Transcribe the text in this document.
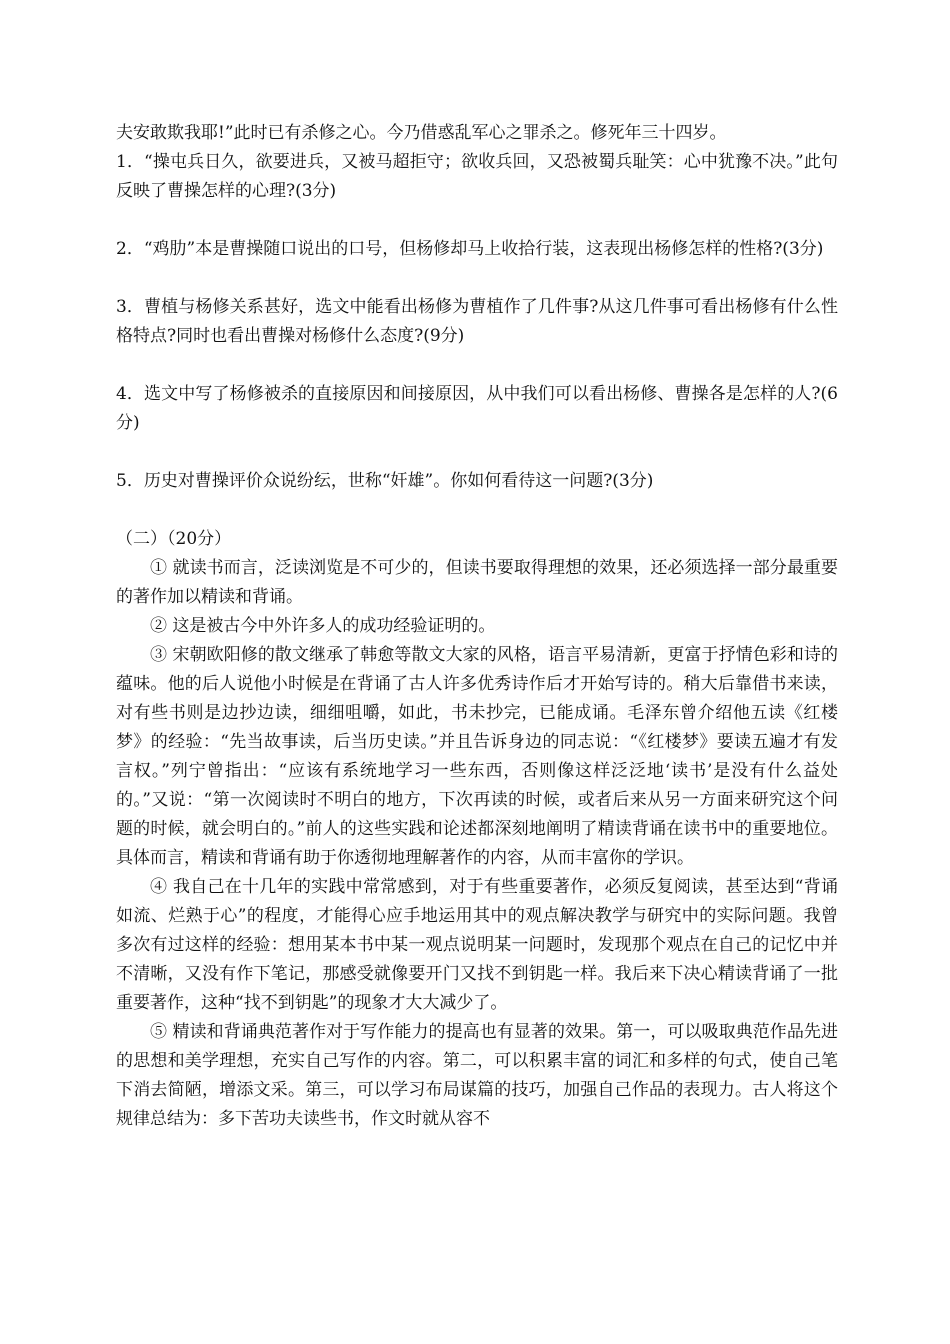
夫安敢欺我耶!”此时已有杀修之心。今乃借惑乱军心之罪杀之。修死年三十四岁。

1．“操屯兵日久，欲要进兵，又被马超拒守；欲收兵回，又恐被蜀兵耻笑：心中犹豫不决。”此句反映了曹操怎样的心理?(3分)

2．“鸡肋”本是曹操随口说出的口号，但杨修却马上收拾行装，这表现出杨修怎样的性格?(3分)

3．曹植与杨修关系甚好，选文中能看出杨修为曹植作了几件事?从这几件事可看出杨修有什么性格特点?同时也看出曹操对杨修什么态度?(9分)

4．选文中写了杨修被杀的直接原因和间接原因，从中我们可以看出杨修、曹操各是怎样的人?(6分)

5．历史对曹操评价众说纷纭，世称“奸雄”。你如何看待这一问题?(3分)

（二）（20分）

① 就读书而言，泛读浏览是不可少的，但读书要取得理想的效果，还必须选择一部分最重要的著作加以精读和背诵。

② 这是被古今中外许多人的成功经验证明的。

③ 宋朝欧阳修的散文继承了韩愈等散文大家的风格，语言平易清新，更富于抒情色彩和诗的蕴味。他的后人说他小时候是在背诵了古人许多优秀诗作后才开始写诗的。稍大后靠借书来读，对有些书则是边抄边读，细细咀嚼，如此，书未抄完，已能成诵。毛泽东曾介绍他五读《红楼梦》的经验：“先当故事读，后当历史读。”并且告诉身边的同志说：“《红楼梦》要读五遍才有发言权。”列宁曾指出：“应该有系统地学习一些东西，否则像这样泛泛地‘读书’是没有什么益处的。”又说：“第一次阅读时不明白的地方，下次再读的时候，或者后来从另一方面来研究这个问题的时候，就会明白的。”前人的这些实践和论述都深刻地阐明了精读背诵在读书中的重要地位。具体而言，精读和背诵有助于你透彻地理解著作的内容，从而丰富你的学识。

④ 我自己在十几年的实践中常常感到，对于有些重要著作，必须反复阅读，甚至达到“背诵如流、烂熟于心”的程度，才能得心应手地运用其中的观点解决教学与研究中的实际问题。我曾多次有过这样的经验：想用某本书中某一观点说明某一问题时，发现那个观点在自己的记忆中并不清晰，又没有作下笔记，那感受就像要开门又找不到钥匙一样。我后来下决心精读背诵了一批重要著作，这种“找不到钥匙”的现象才大大减少了。

⑤ 精读和背诵典范著作对于写作能力的提高也有显著的效果。第一，可以吸取典范作品先进的思想和美学理想，充实自己写作的内容。第二，可以积累丰富的词汇和多样的句式，使自己笔下消去简陋，增添文采。第三，可以学习布局谋篇的技巧，加强自己作品的表现力。古人将这个规律总结为：多下苦功夫读些书，作文时就从容不
